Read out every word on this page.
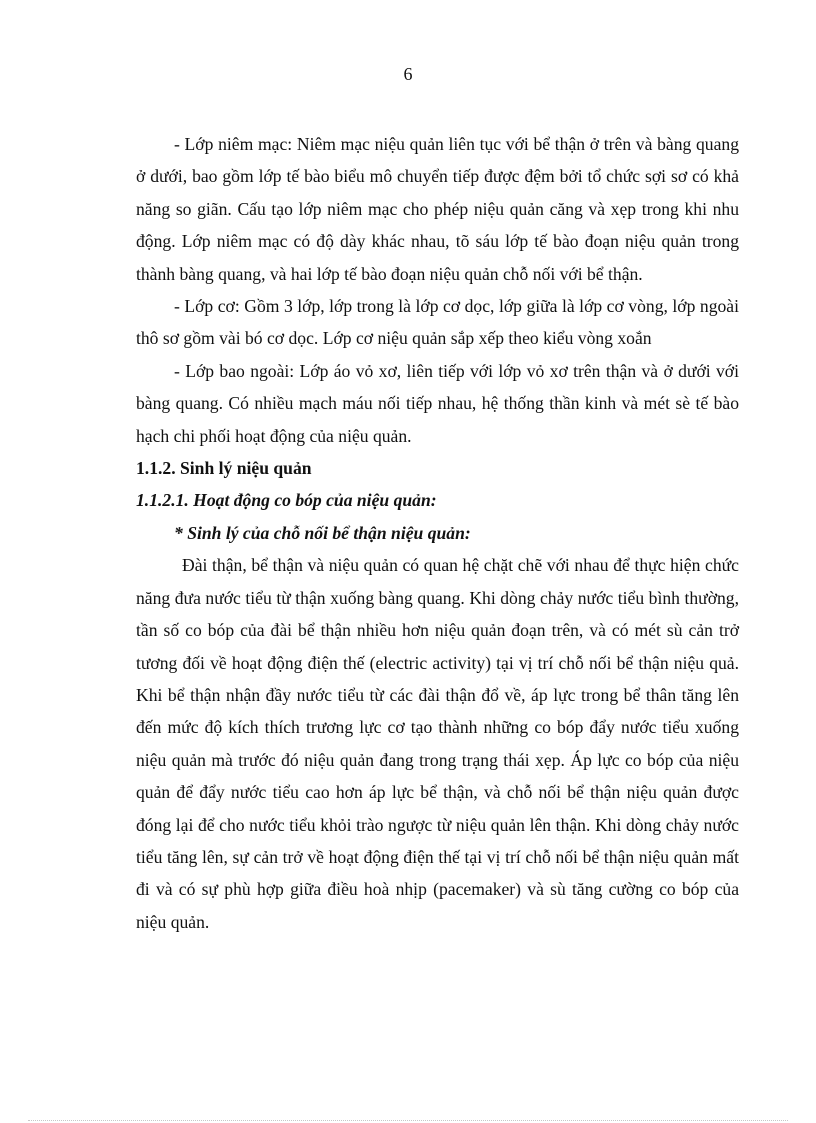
6

- Lớp niêm mạc: Niêm mạc niệu quản liên tục với bể thận ở trên và bàng quang ở dưới, bao gồm lớp tế bào biểu mô chuyển tiếp được đệm bởi tổ chức sợi sơ có khả năng so giãn. Cấu tạo lớp niêm mạc cho phép niệu quản căng và xẹp trong khi nhu động. Lớp niêm mạc có độ dày khác nhau, tõ sáu lớp tế bào đoạn niệu quản trong thành bàng quang, và hai lớp tế bào đoạn niệu quản chỗ nối với bể thận.

- Lớp cơ: Gồm 3 lớp, lớp trong là lớp cơ dọc, lớp giữa là lớp cơ vòng, lớp ngoài thô sơ gồm vài bó cơ dọc. Lớp cơ niệu quản sắp xếp theo kiểu vòng xoắn

- Lớp bao ngoài: Lớp áo vỏ xơ, liên tiếp với lớp vỏ xơ trên thận và ở dưới với bàng quang. Có nhiều mạch máu nối tiếp nhau, hệ thống thần kinh và mét sè tế bào hạch chi phối hoạt động của niệu quản.

1.1.2. Sinh lý niệu quản

1.1.2.1. Hoạt động co bóp của niệu quản:

* Sinh lý của chỗ nối bể thận niệu quản:

Đài thận, bể thận và niệu quản có quan hệ chặt chẽ với nhau để thực hiện chức năng đưa nước tiểu từ thận xuống bàng quang. Khi dòng chảy nước tiểu bình thường, tần số co bóp của đài bể thận nhiều hơn niệu quản đoạn trên, và có mét sù cản trở tương đối về hoạt động điện thế (electric activity) tại vị trí chỗ nối bể thận niệu quả. Khi bể thận nhận đầy nước tiểu từ các đài thận đổ về, áp lực trong bể thân tăng lên đến mức độ kích thích trương lực cơ tạo thành những co bóp đẩy nước tiểu xuống niệu quản mà trước đó niệu quản đang trong trạng thái xẹp. Áp lực co bóp của niệu quản để đẩy nước tiểu cao hơn áp lực bể thận, và chỗ nối bể thận niệu quản được đóng lại để cho nước tiểu khỏi trào ngược từ niệu quản lên thận. Khi dòng chảy nước tiểu tăng lên, sự cản trở về hoạt động điện thế tại vị trí chỗ nối bể thận niệu quản mất đi và có sự phù hợp giữa điều hoà nhịp (pacemaker) và sù tăng cường co bóp của niệu quản.
